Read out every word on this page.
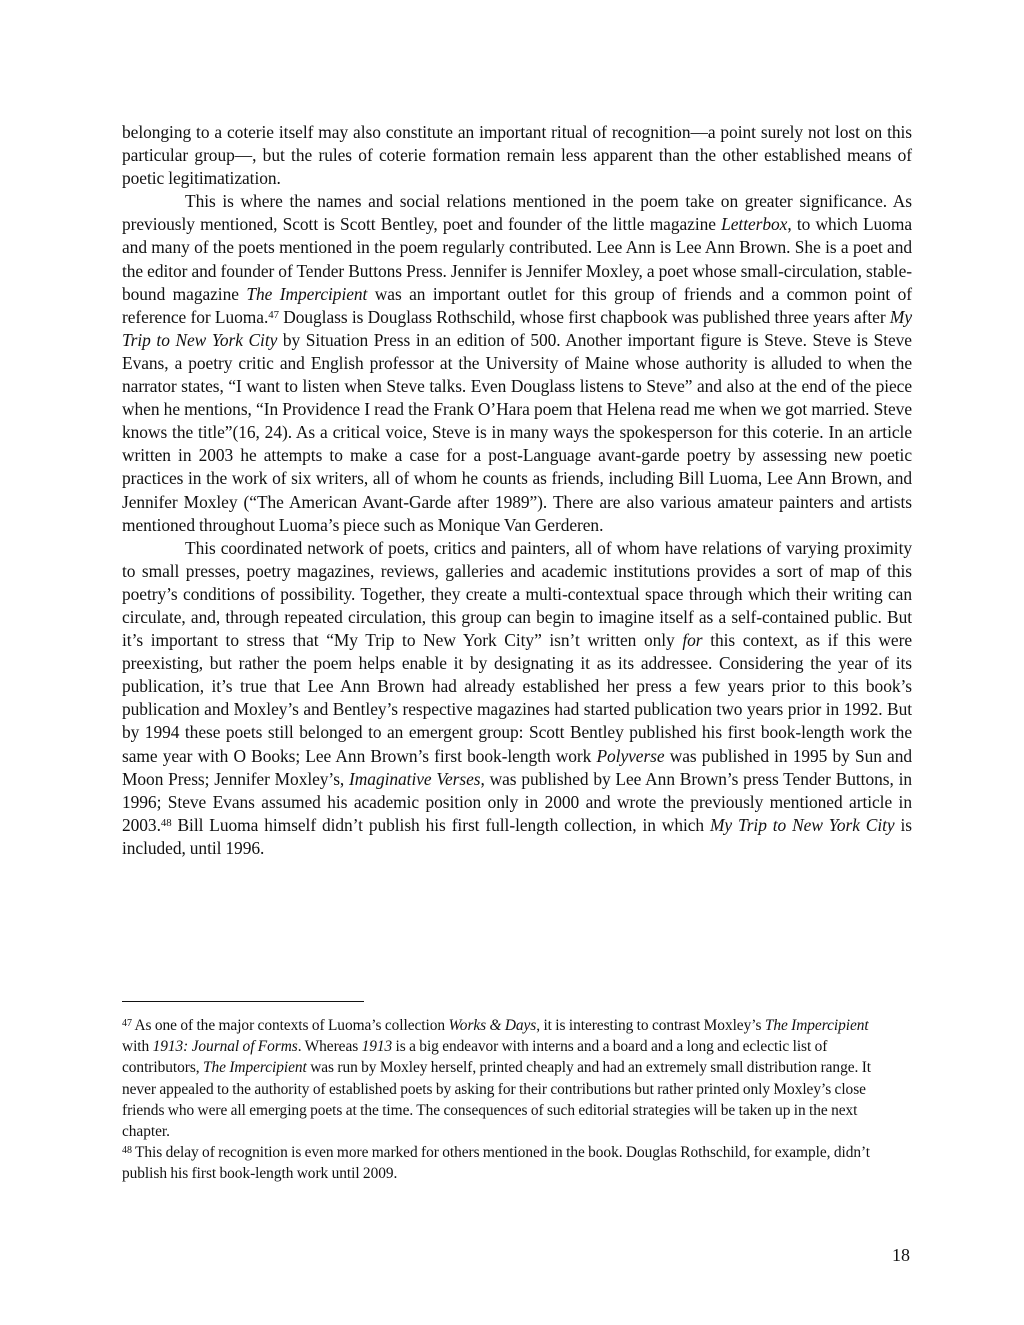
belonging to a coterie itself may also constitute an important ritual of recognition—a point surely not lost on this particular group—, but the rules of coterie formation remain less apparent than the other established means of poetic legitimatization.

This is where the names and social relations mentioned in the poem take on greater significance. As previously mentioned, Scott is Scott Bentley, poet and founder of the little magazine Letterbox, to which Luoma and many of the poets mentioned in the poem regularly contributed. Lee Ann is Lee Ann Brown. She is a poet and the editor and founder of Tender Buttons Press. Jennifer is Jennifer Moxley, a poet whose small-circulation, stable-bound magazine The Impercipient was an important outlet for this group of friends and a common point of reference for Luoma.$^{47}$ Douglass is Douglass Rothschild, whose first chapbook was published three years after My Trip to New York City by Situation Press in an edition of 500. Another important figure is Steve. Steve is Steve Evans, a poetry critic and English professor at the University of Maine whose authority is alluded to when the narrator states, “I want to listen when Steve talks. Even Douglass listens to Steve” and also at the end of the piece when he mentions, “In Providence I read the Frank O’Hara poem that Helena read me when we got married. Steve knows the title”(16, 24). As a critical voice, Steve is in many ways the spokesperson for this coterie. In an article written in 2003 he attempts to make a case for a post-Language avant-garde poetry by assessing new poetic practices in the work of six writers, all of whom he counts as friends, including Bill Luoma, Lee Ann Brown, and Jennifer Moxley (“The American Avant-Garde after 1989”). There are also various amateur painters and artists mentioned throughout Luoma’s piece such as Monique Van Gerderen.

This coordinated network of poets, critics and painters, all of whom have relations of varying proximity to small presses, poetry magazines, reviews, galleries and academic institutions provides a sort of map of this poetry’s conditions of possibility. Together, they create a multi-contextual space through which their writing can circulate, and, through repeated circulation, this group can begin to imagine itself as a self-contained public. But it’s important to stress that “My Trip to New York City” isn’t written only for this context, as if this were preexisting, but rather the poem helps enable it by designating it as its addressee. Considering the year of its publication, it’s true that Lee Ann Brown had already established her press a few years prior to this book’s publication and Moxley’s and Bentley’s respective magazines had started publication two years prior in 1992. But by 1994 these poets still belonged to an emergent group: Scott Bentley published his first book-length work the same year with O Books; Lee Ann Brown’s first book-length work Polyverse was published in 1995 by Sun and Moon Press; Jennifer Moxley’s, Imaginative Verses, was published by Lee Ann Brown’s press Tender Buttons, in 1996; Steve Evans assumed his academic position only in 2000 and wrote the previously mentioned article in 2003.48 Bill Luoma himself didn’t publish his first full-length collection, in which My Trip to New York City is included, until 1996.

$^{47}$ As one of the major contexts of Luoma’s collection Works & Days, it is interesting to contrast Moxley’s The Impercipient with 1913: Journal of Forms. Whereas 1913 is a big endeavor with interns and a board and a long and eclectic list of contributors, The Impercipient was run by Moxley herself, printed cheaply and had an extremely small distribution range. It never appealed to the authority of established poets by asking for their contributions but rather printed only Moxley’s close friends who were all emerging poets at the time. The consequences of such editorial strategies will be taken up in the next chapter.

$^{48}$ This delay of recognition is even more marked for others mentioned in the book. Douglas Rothschild, for example, didn’t publish his first book-length work until 2009.

18
